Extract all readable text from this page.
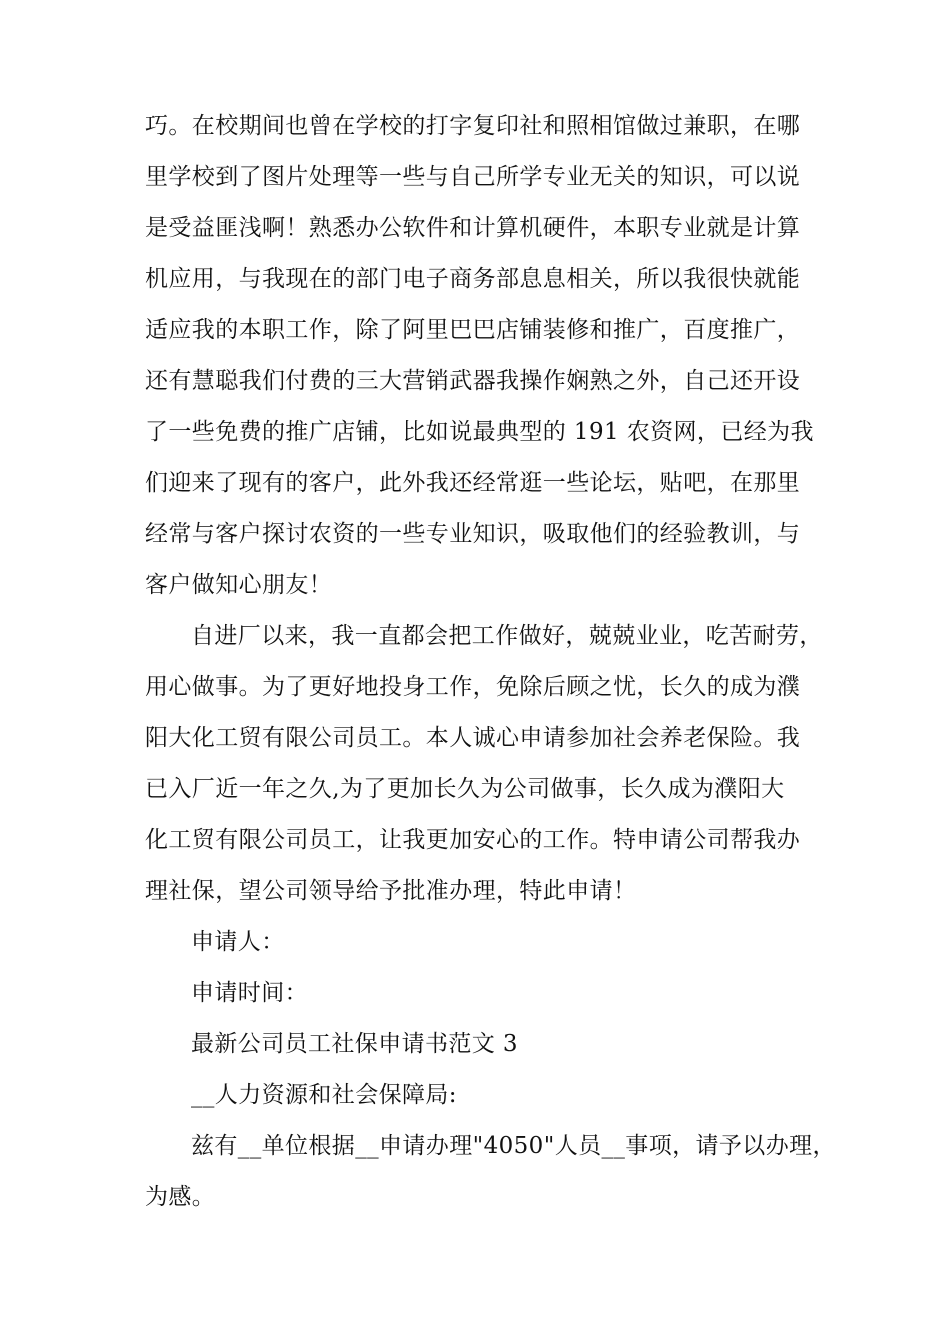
巧。在校期间也曾在学校的打字复印社和照相馆做过兼职，在哪
里学校到了图片处理等一些与自己所学专业无关的知识，可以说
是受益匪浅啊！熟悉办公软件和计算机硬件，本职专业就是计算
机应用，与我现在的部门电子商务部息息相关，所以我很快就能
适应我的本职工作，除了阿里巴巴店铺装修和推广，百度推广，
还有慧聪我们付费的三大营销武器我操作娴熟之外，自己还开设
了一些免费的推广店铺，比如说最典型的 191 农资网，已经为我
们迎来了现有的客户，此外我还经常逛一些论坛，贴吧，在那里
经常与客户探讨农资的一些专业知识，吸取他们的经验教训，与
客户做知心朋友！
自进厂以来，我一直都会把工作做好，兢兢业业，吃苦耐劳，
用心做事。为了更好地投身工作，免除后顾之忧，长久的成为濮
阳大化工贸有限公司员工。本人诚心申请参加社会养老保险。我
已入厂近一年之久,为了更加长久为公司做事，长久成为濮阳大
化工贸有限公司员工，让我更加安心的工作。特申请公司帮我办
理社保，望公司领导给予批准办理，特此申请！
申请人：
申请时间：
最新公司员工社保申请书范文 3
__人力资源和社会保障局:
兹有__单位根据__申请办理"4050"人员__事项，请予以办理，
为感。
